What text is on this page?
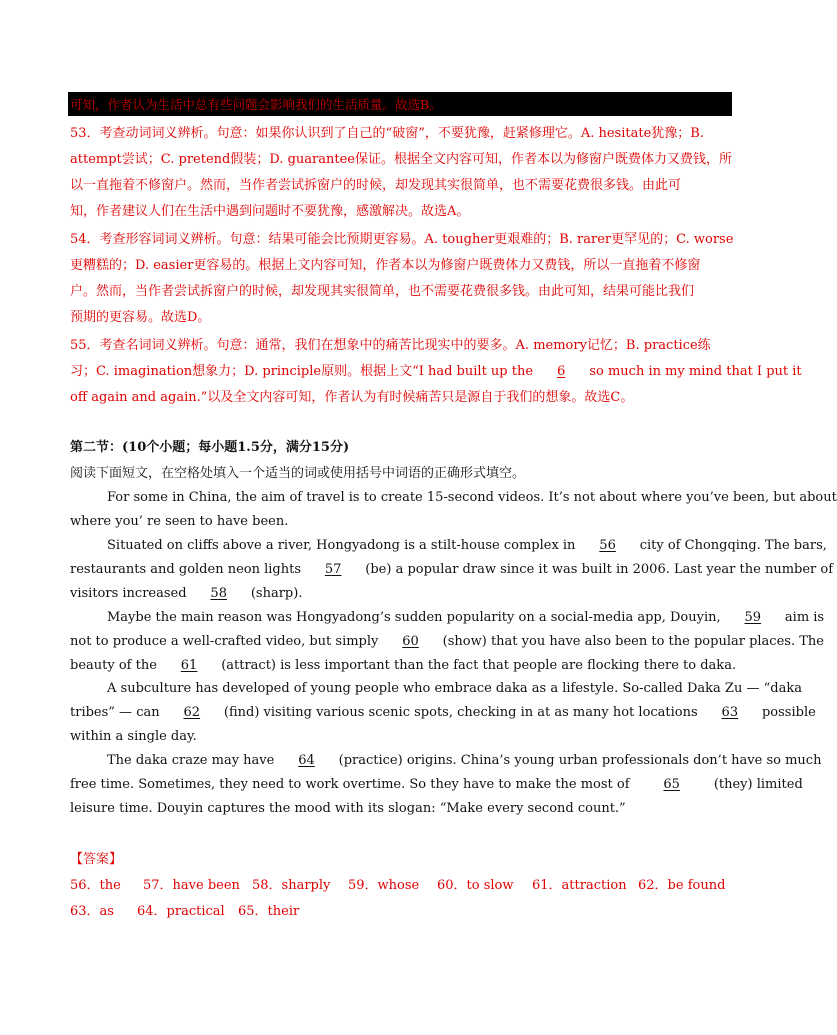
可知，作者认为生活中总有些问题会影响我们的生活质量。故选B。
53．考查动词词义辨析。句意：如果你认识到了自己的“破窗”，不要犹豫，赶紧修理它。A. hesitate犹豫；B.
attempt尝试；C. pretend假装；D. guarantee保证。根据全文内容可知，作者本以为修窗户既费体力又费钱，所
以一直拖着不修窗户。然而，当作者尝试拆窗户的时候，却发现其实很简单，也不需要花费很多钱。由此可
知，作者建议人们在生活中遇到问题时不要犹豫，感激解决。故选A。
54．考查形容词词义辨析。句意：结果可能会比预期更容易。A. tougher更艰难的；B. rarer更罕见的；C. worse
更糟糕的；D. easier更容易的。根据上文内容可知，作者本以为修窗户既费体力又费钱，所以一直拖着不修窗
户。然而，当作者尝试拆窗户的时候，却发现其实很简单，也不需要花费很多钱。由此可知，结果可能比我们
预期的更容易。故选D。
55．考查名词词义辨析。句意：通常，我们在想象中的痛苦比现实中的要多。A. memory记忆；B. practice练
习；C. imagination想象力；D. principle原则。根据上文“I had built up the 6 so much in my mind that I put it
off again and again.”以及全文内容可知，作者认为有时候痛苦只是源自于我们的想象。故选C。
第二节：(10个小题；每小题1.5分，满分15分)
阅读下面短文，在空格处填入一个适当的词或使用括号中词语的正确形式填空。
For some in China, the aim of travel is to create 15-second videos. It’s not about where you’ve been, but about
where you’ re seen to have been.
Situated on cliffs above a river, Hongyadong is a stilt-house complex in 56 city of Chongqing. The bars,
restaurants and golden neon lights 57 (be) a popular draw since it was built in 2006. Last year the number of
visitors increased 58 (sharp).
Maybe the main reason was Hongyadong’s sudden popularity on a social-media app, Douyin, 59 aim is
not to produce a well-crafted video, but simply 60 (show) that you have also been to the popular places. The
beauty of the 61 (attract) is less important than the fact that people are flocking there to daka.
A subculture has developed of young people who embrace daka as a lifestyle. So-called Daka Zu — “daka
tribes” — can 62 (find) visiting various scenic spots, checking in at as many hot locations 63 possible
within a single day.
The daka craze may have 64 (practice) origins. China’s young urban professionals don’t have so much
free time. Sometimes, they need to work overtime. So they have to make the most of	65	(they) limited
leisure time. Douyin captures the mood with its slogan: “Make every second count.”
【答案】
56．the 57．have been 58．sharply 59．whose 60．to slow 61．attraction 62．be found
63．as 64．practical 65．their
